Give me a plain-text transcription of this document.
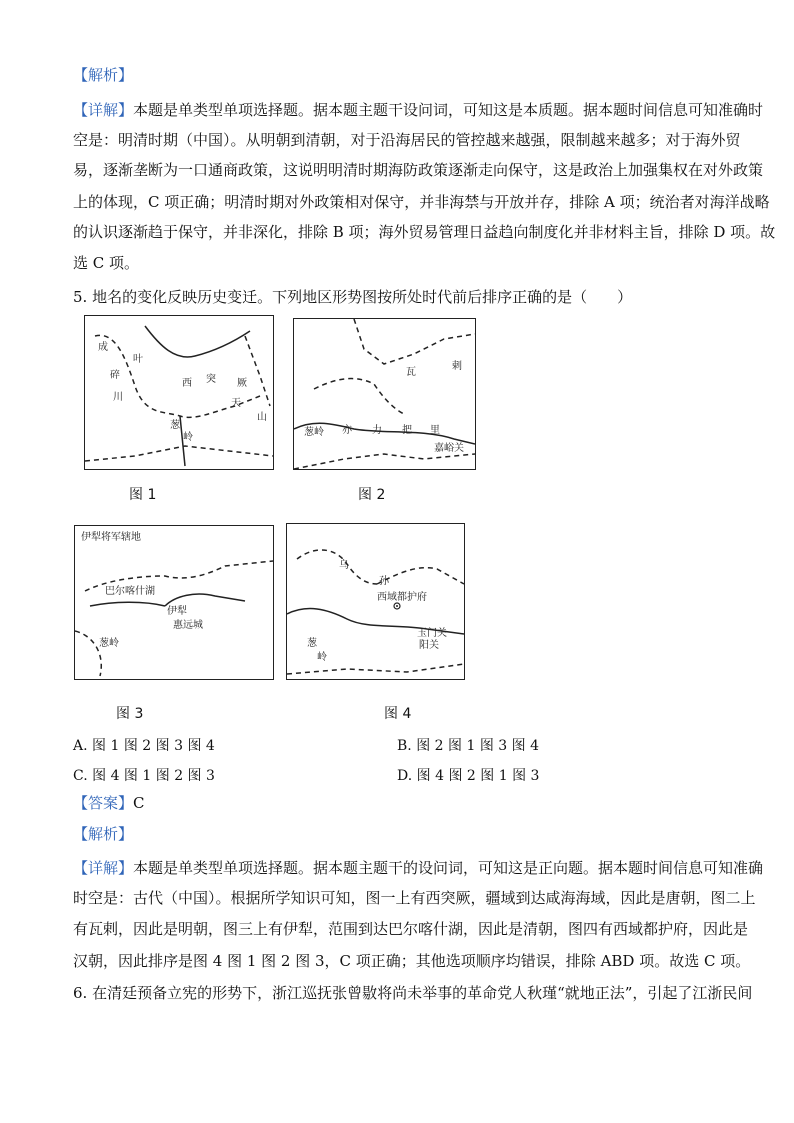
【解析】
【详解】本题是单类型单项选择题。据本题主题干设问词，可知这是本质题。据本题时间信息可知准确时
空是：明清时期（中国）。从明朝到清朝，对于沿海居民的管控越来越强，限制越来越多；对于海外贸
易，逐渐垄断为一口通商政策，这说明明清时期海防政策逐渐走向保守，这是政治上加强集权在对外政策
上的体现，C 项正确；明清时期对外政策相对保守，并非海禁与开放并存，排除 A 项；统治者对海洋战略
的认识逐渐趋于保守，并非深化，排除 B 项；海外贸易管理日益趋向制度化并非材料主旨，排除 D 项。故
选 C 项。
5. 地名的变化反映历史变迁。下列地区形势图按所处时代前后排序正确的是（　　）
成
碎
叶
川
西 突 厥
天
山
葱
岭
图 1
瓦
剌
亦 力 把 里
葱岭
嘉峪关
图 2
伊犁将军辖地
巴尔喀什湖
伊犁
葱岭
惠远城
图 3
乌
孙
西域都护府
葱
岭
玉门关
阳关
图 4
A. 图 1 图 2 图 3 图 4	B. 图 2 图 1 图 3 图 4
C. 图 4 图 1 图 2 图 3	D. 图 4 图 2 图 1 图 3
【答案】C
【解析】
【详解】本题是单类型单项选择题。据本题主题干的设问词，可知这是正向题。据本题时间信息可知准确
时空是：古代（中国）。根据所学知识可知，图一上有西突厥，疆域到达咸海海域，因此是唐朝，图二上
有瓦剌，因此是明朝，图三上有伊犁，范围到达巴尔喀什湖，因此是清朝，图四有西域都护府，因此是
汉朝，因此排序是图 4 图 1 图 2 图 3，C 项正确；其他选项顺序均错误，排除 ABD 项。故选 C 项。
6. 在清廷预备立宪的形势下，浙江巡抚张曾敭将尚未举事的革命党人秋瑾“就地正法”，引起了江浙民间
